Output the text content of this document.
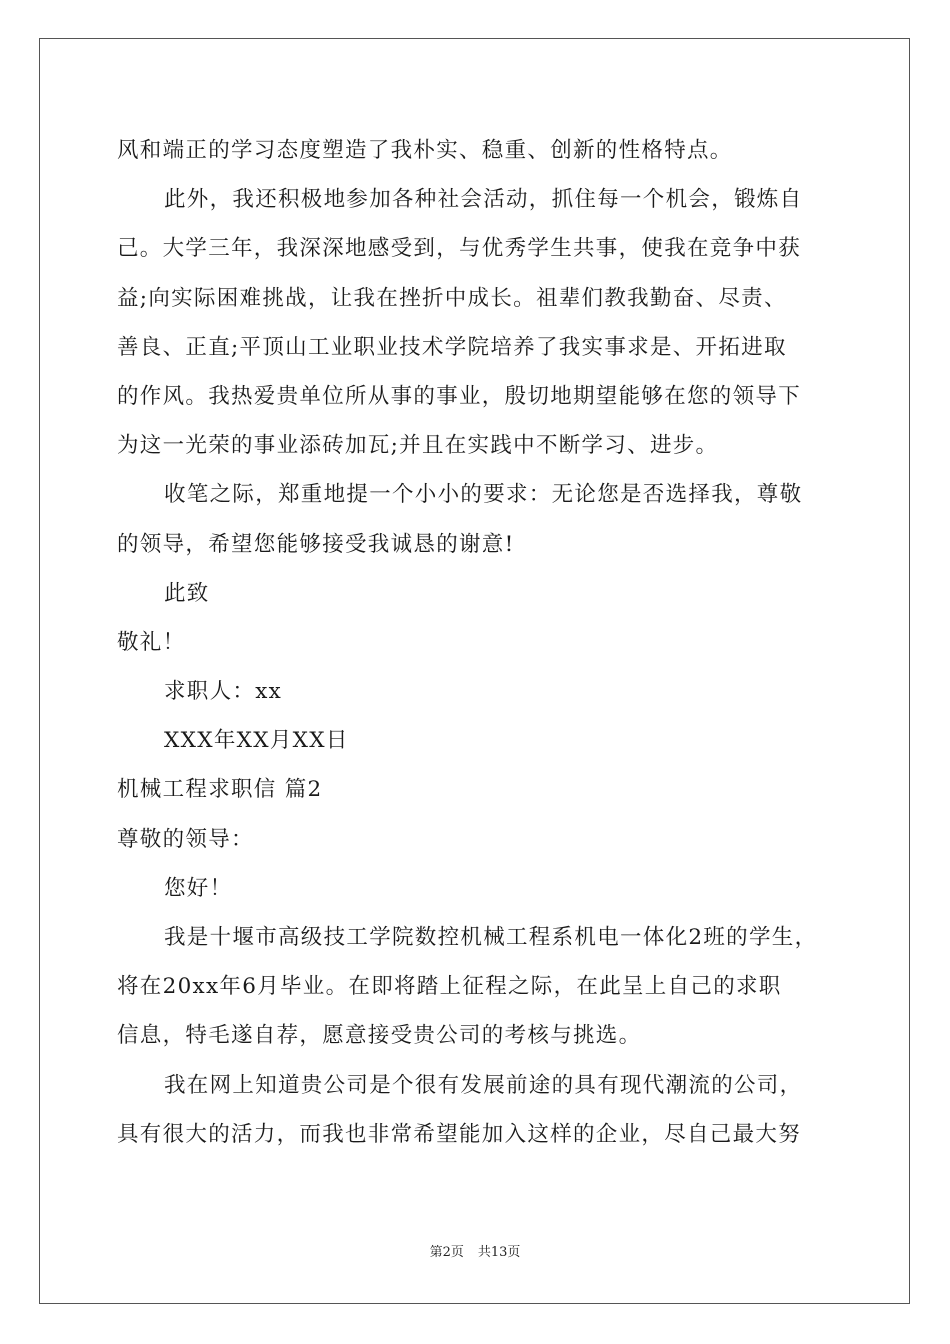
风和端正的学习态度塑造了我朴实、稳重、创新的性格特点。
此外，我还积极地参加各种社会活动，抓住每一个机会，锻炼自
己。大学三年，我深深地感受到，与优秀学生共事，使我在竞争中获
益;向实际困难挑战，让我在挫折中成长。祖辈们教我勤奋、尽责、
善良、正直;平顶山工业职业技术学院培养了我实事求是、开拓进取
的作风。我热爱贵单位所从事的事业，殷切地期望能够在您的领导下
为这一光荣的事业添砖加瓦;并且在实践中不断学习、进步。
收笔之际，郑重地提一个小小的要求：无论您是否选择我，尊敬
的领导，希望您能够接受我诚恳的谢意!
此致
敬礼！
求职人：xx
XXX年XX月XX日
机械工程求职信 篇2
尊敬的领导：
您好！
我是十堰市高级技工学院数控机械工程系机电一体化2班的学生，
将在20xx年6月毕业。在即将踏上征程之际，在此呈上自己的求职
信息，特毛遂自荐，愿意接受贵公司的考核与挑选。
我在网上知道贵公司是个很有发展前途的具有现代潮流的公司，
具有很大的活力，而我也非常希望能加入这样的企业，尽自己最大努
第2页 共13页
